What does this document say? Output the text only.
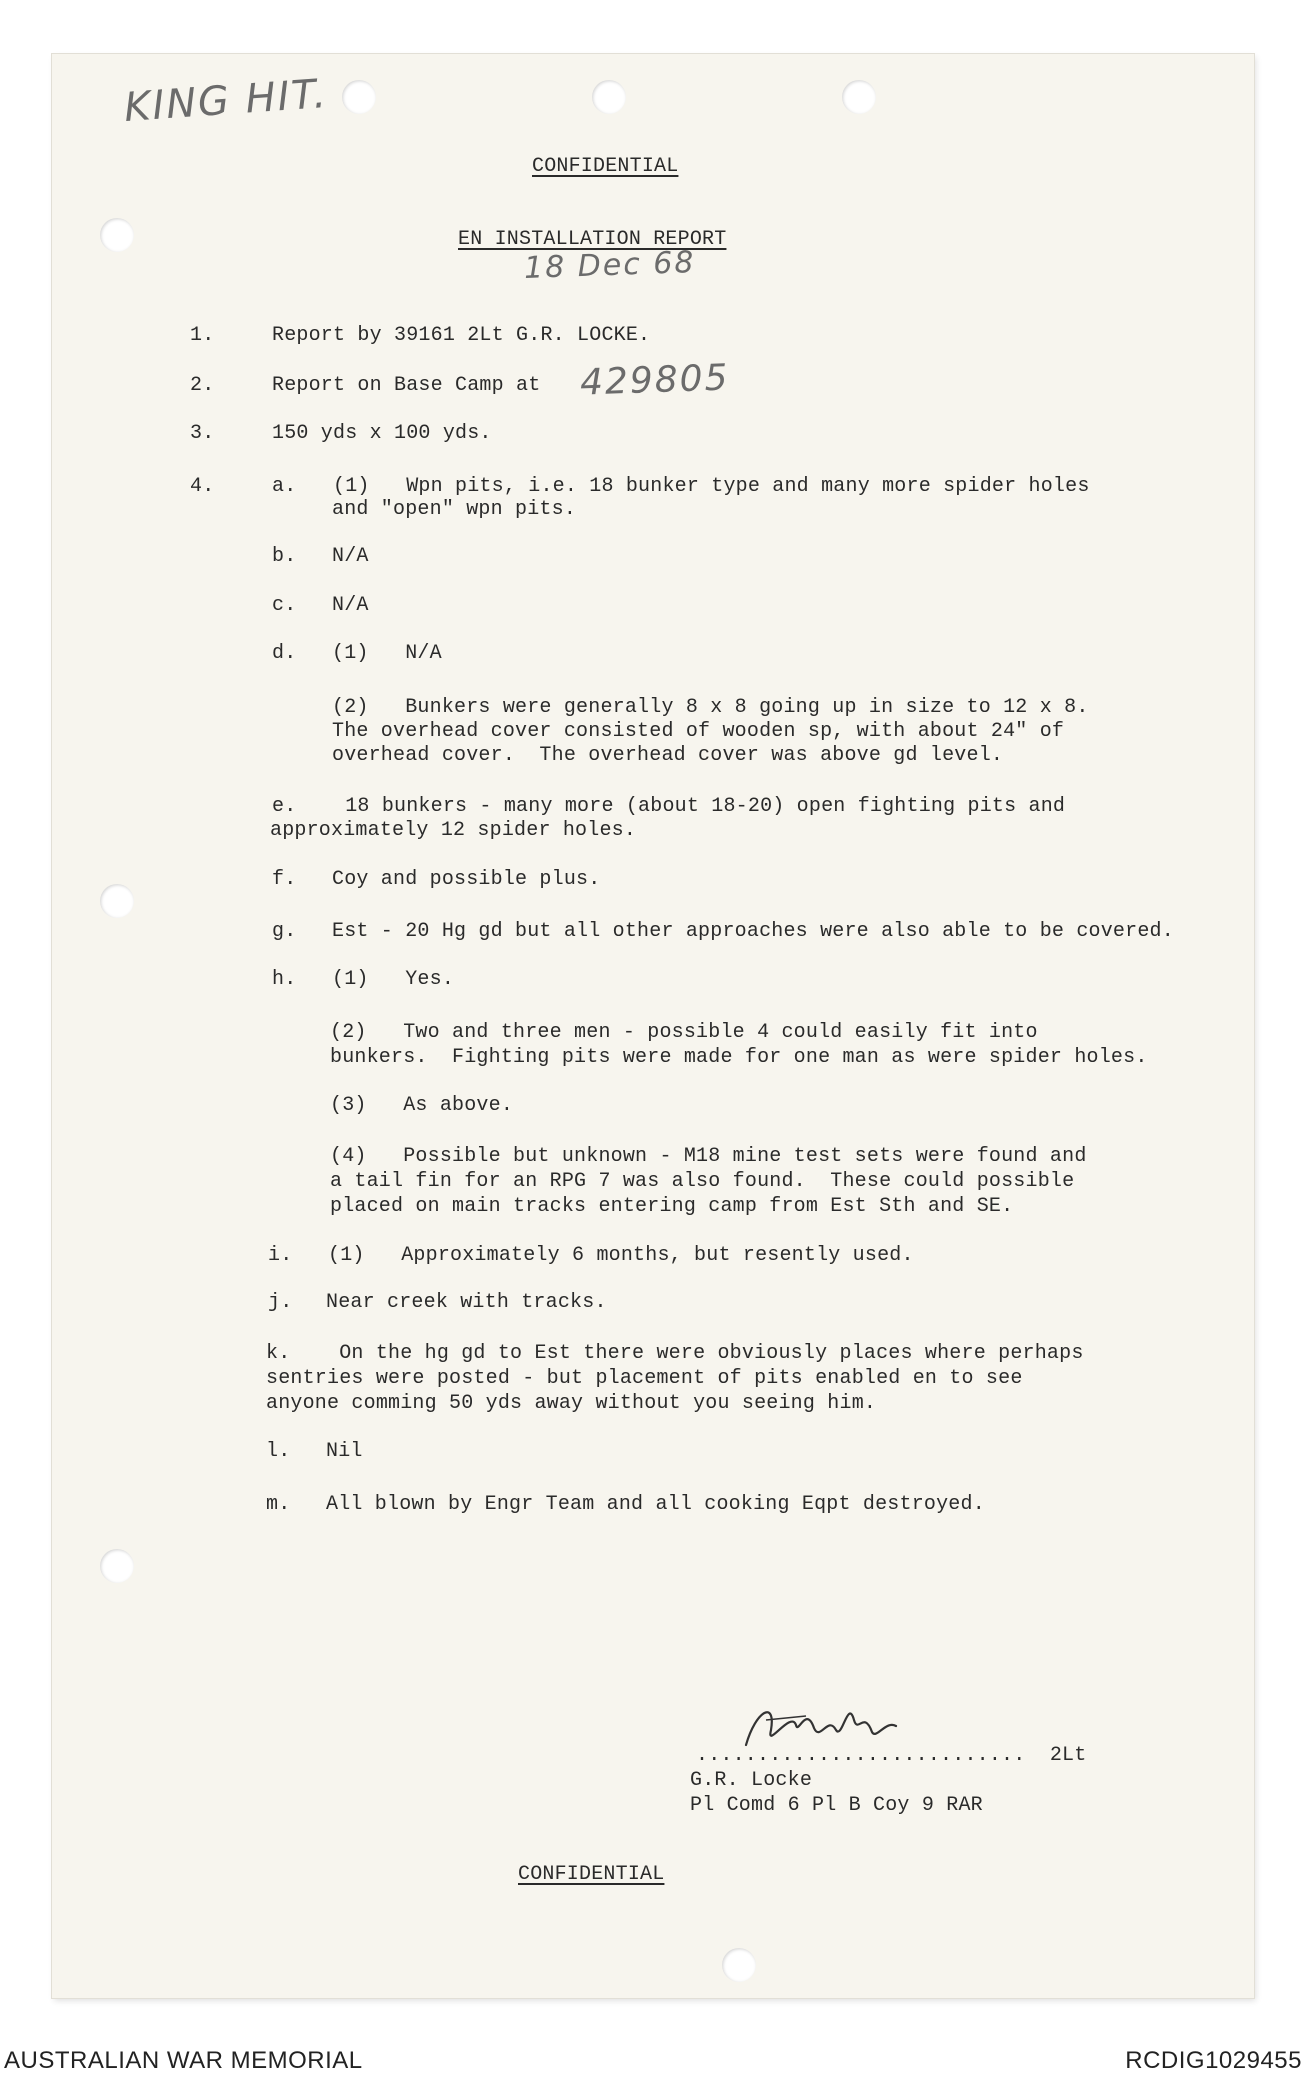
KING HIT.
18 Dec 68
429805
CONFIDENTIAL
EN INSTALLATION REPORT
1.	Report by 39161 2Lt G.R. LOCKE.
2.	Report on Base Camp at
3.	150 yds x 100 yds.
4.	a.   (1)   Wpn pits, i.e. 18 bunker type and many more spider holes
and "open" wpn pits.
b. N/A
c. N/A
d. (1)   N/A
(2)   Bunkers were generally 8 x 8 going up in size to 12 x 8.
The overhead cover consisted of wooden sp, with about 24" of
overhead cover.  The overhead cover was above gd level.
e.    18 bunkers - many more (about 18-20) open fighting pits and
approximately 12 spider holes.
f. Coy and possible plus.
g. Est - 20 Hg gd but all other approaches were also able to be covered.
h. (1)   Yes.
(2)   Two and three men - possible 4 could easily fit into
bunkers.  Fighting pits were made for one man as were spider holes.
(3)   As above.
(4)   Possible but unknown - M18 mine test sets were found and
a tail fin for an RPG 7 was also found.  These could possible
placed on main tracks entering camp from Est Sth and SE.
i. (1)   Approximately 6 months, but resently used.
j. Near creek with tracks.
k.    On the hg gd to Est there were obviously places where perhaps
sentries were posted - but placement of pits enabled en to see
anyone comming 50 yds away without you seeing him.
l. Nil
m. All blown by Engr Team and all cooking Eqpt destroyed.
...........................  2Lt
G.R. Locke
Pl Comd 6 Pl B Coy 9 RAR
CONFIDENTIAL
AUSTRALIAN WAR MEMORIAL	RCDIG1029455
